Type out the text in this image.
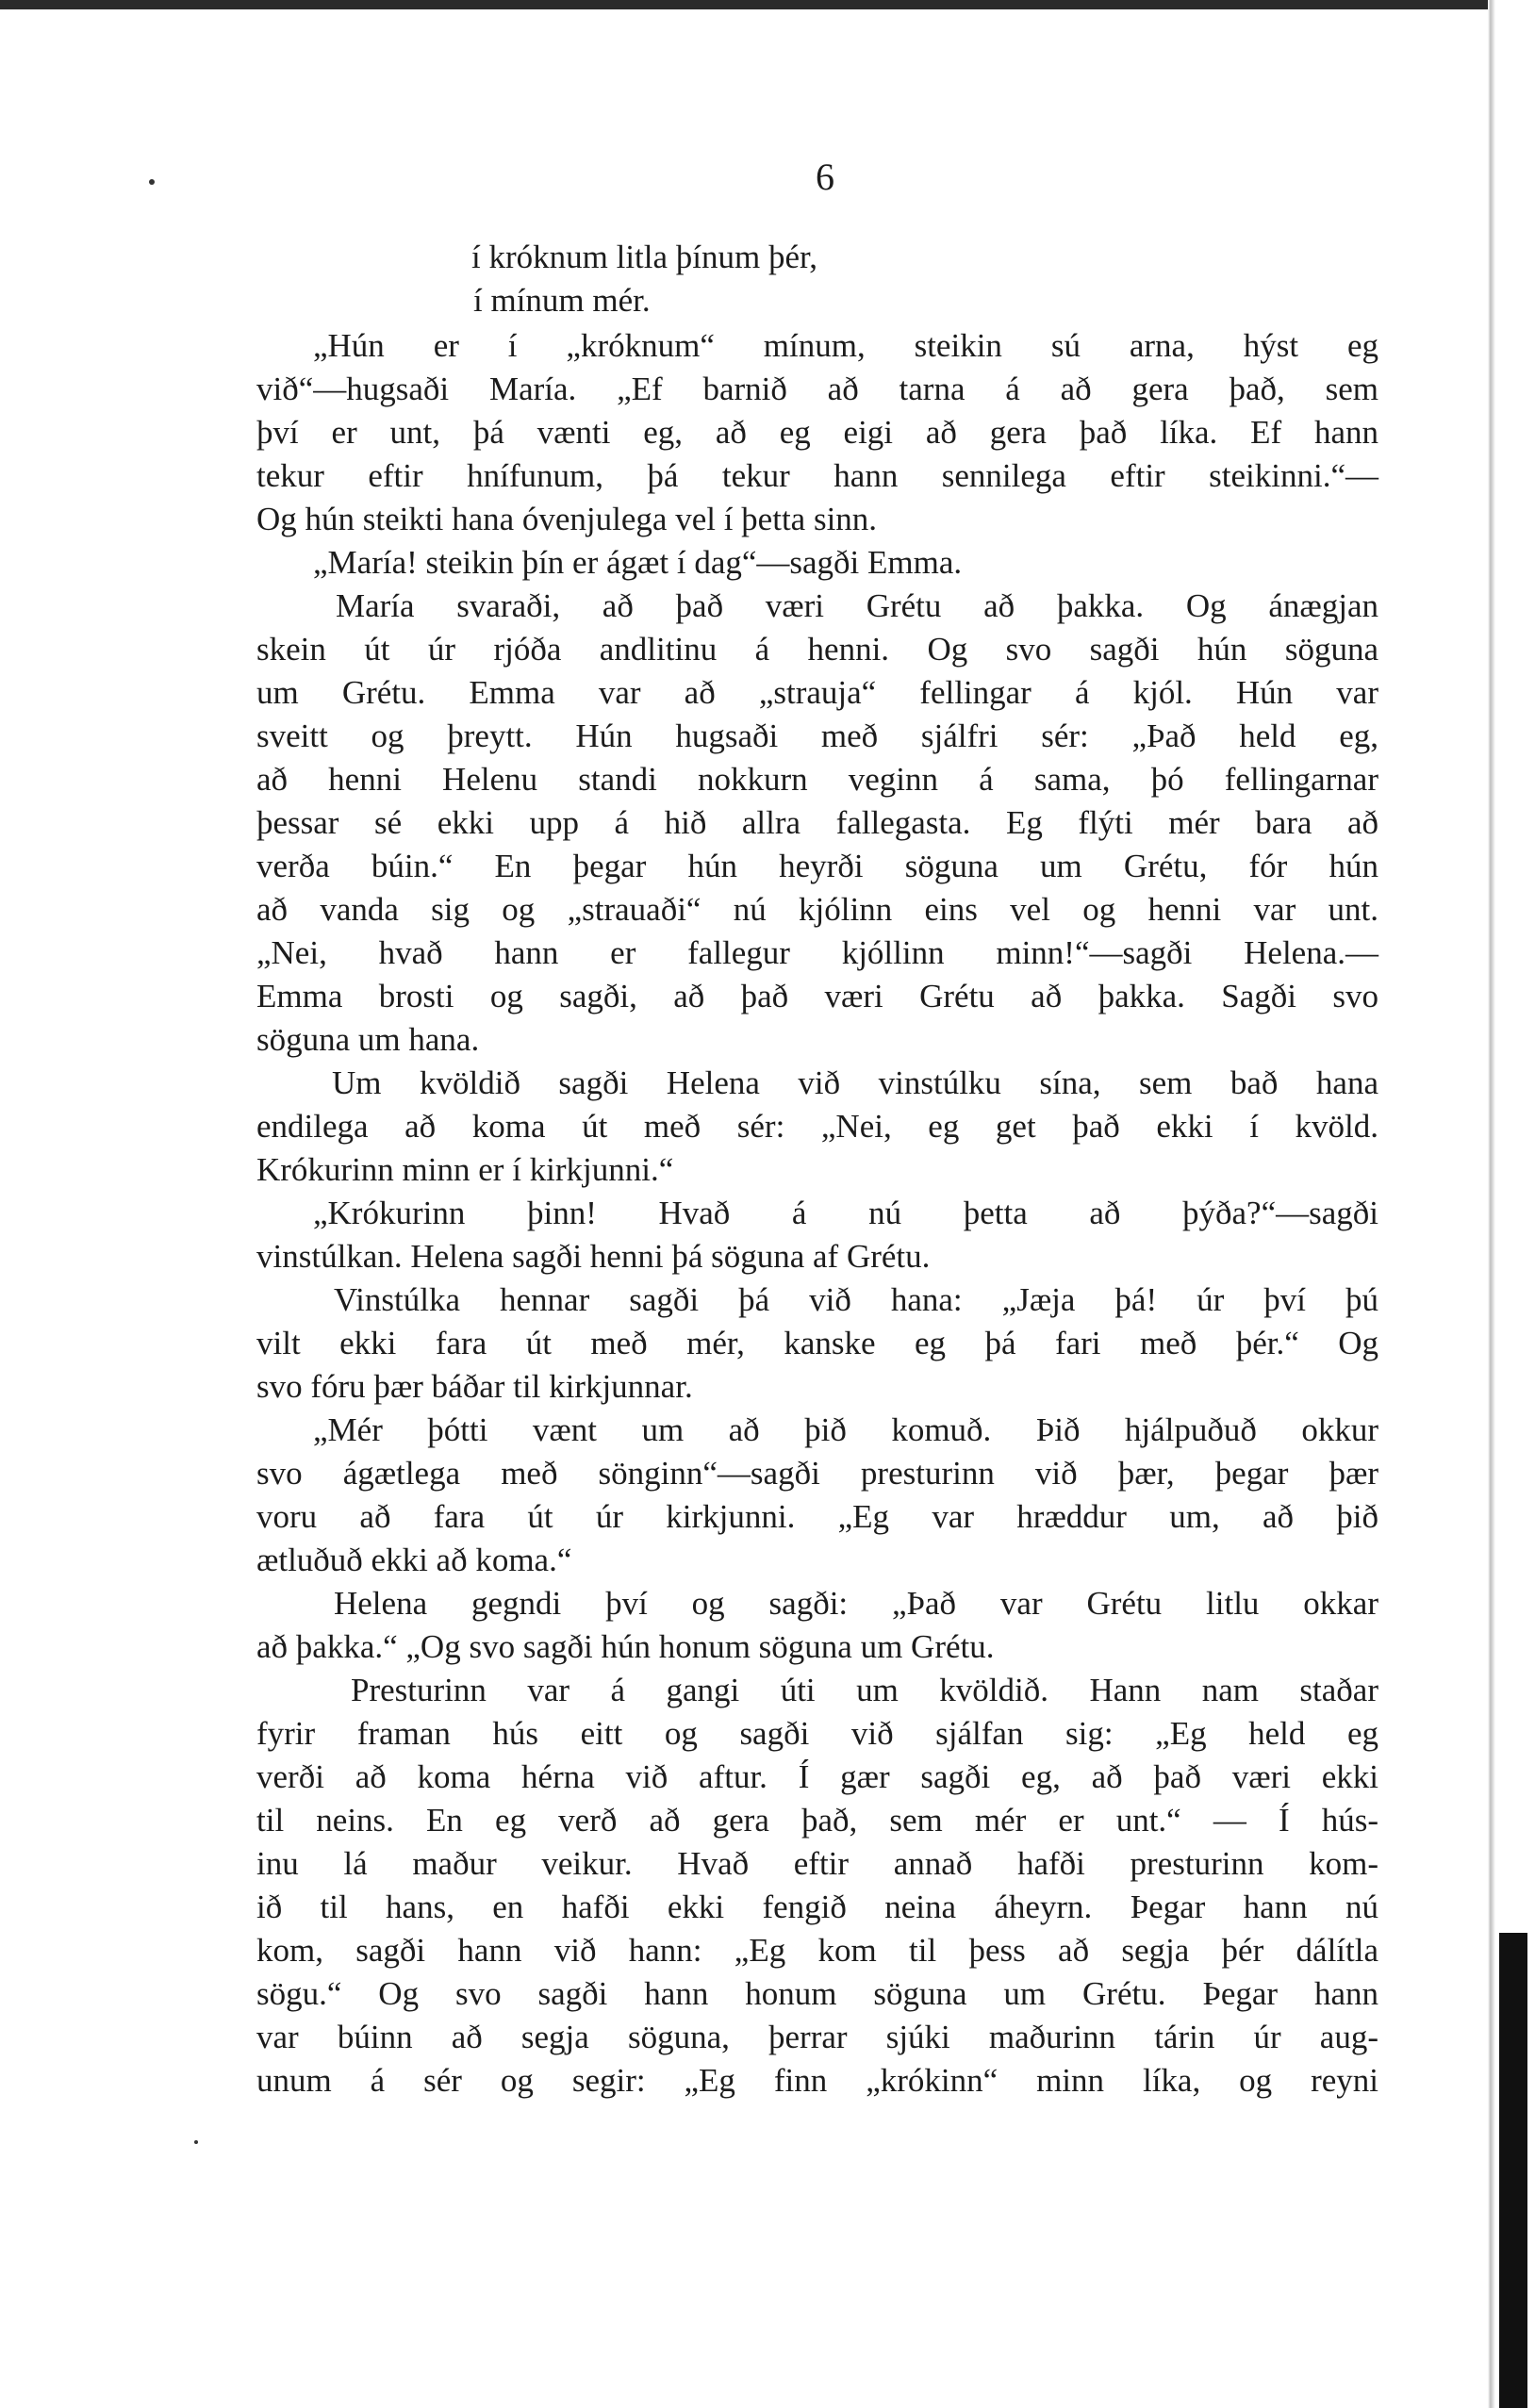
6
í króknum litla þínum þér,
í mínum mér.
„Hún er í „króknum“ mínum, steikin sú arna, hýst eg
við“—hugsaði María. „Ef barnið að tarna á að gera það, sem
því er unt, þá vænti eg, að eg eigi að gera það líka. Ef hann
tekur eftir hnífunum, þá tekur hann sennilega eftir steikinni.“—
Og hún steikti hana óvenjulega vel í þetta sinn.
„María! steikin þín er ágæt í dag“—sagði Emma.
María svaraði, að það væri Grétu að þakka. Og ánægjan
skein út úr rjóða andlitinu á henni. Og svo sagði hún söguna
um Grétu. Emma var að „strauja“ fellingar á kjól. Hún var
sveitt og þreytt. Hún hugsaði með sjálfri sér: „Það held eg,
að henni Helenu standi nokkurn veginn á sama, þó fellingarnar
þessar sé ekki upp á hið allra fallegasta. Eg flýti mér bara að
verða búin.“ En þegar hún heyrði söguna um Grétu, fór hún
að vanda sig og „strauaði“ nú kjólinn eins vel og henni var unt.
„Nei, hvað hann er fallegur kjóllinn minn!“—sagði Helena.—
Emma brosti og sagði, að það væri Grétu að þakka. Sagði svo
söguna um hana.
Um kvöldið sagði Helena við vinstúlku sína, sem bað hana
endilega að koma út með sér: „Nei, eg get það ekki í kvöld.
Krókurinn minn er í kirkjunni.“
„Krókurinn þinn! Hvað á nú þetta að þýða?“—sagði
vinstúlkan. Helena sagði henni þá söguna af Grétu.
Vinstúlka hennar sagði þá við hana: „Jæja þá! úr því þú
vilt ekki fara út með mér, kanske eg þá fari með þér.“ Og
svo fóru þær báðar til kirkjunnar.
„Mér þótti vænt um að þið komuð. Þið hjálpuðuð okkur
svo ágætlega með sönginn“—sagði presturinn við þær, þegar þær
voru að fara út úr kirkjunni. „Eg var hræddur um, að þið
ætluðuð ekki að koma.“
Helena gegndi því og sagði: „Það var Grétu litlu okkar
að þakka.“ „Og svo sagði hún honum söguna um Grétu.
Presturinn var á gangi úti um kvöldið. Hann nam staðar
fyrir framan hús eitt og sagði við sjálfan sig: „Eg held eg
verði að koma hérna við aftur. Í gær sagði eg, að það væri ekki
til neins. En eg verð að gera það, sem mér er unt.“ — Í hús-
inu lá maður veikur. Hvað eftir annað hafði presturinn kom-
ið til hans, en hafði ekki fengið neina áheyrn. Þegar hann nú
kom, sagði hann við hann: „Eg kom til þess að segja þér dálítla
sögu.“ Og svo sagði hann honum söguna um Grétu. Þegar hann
var búinn að segja söguna, þerrar sjúki maðurinn tárin úr aug-
unum á sér og segir: „Eg finn „krókinn“ minn líka, og reyni
